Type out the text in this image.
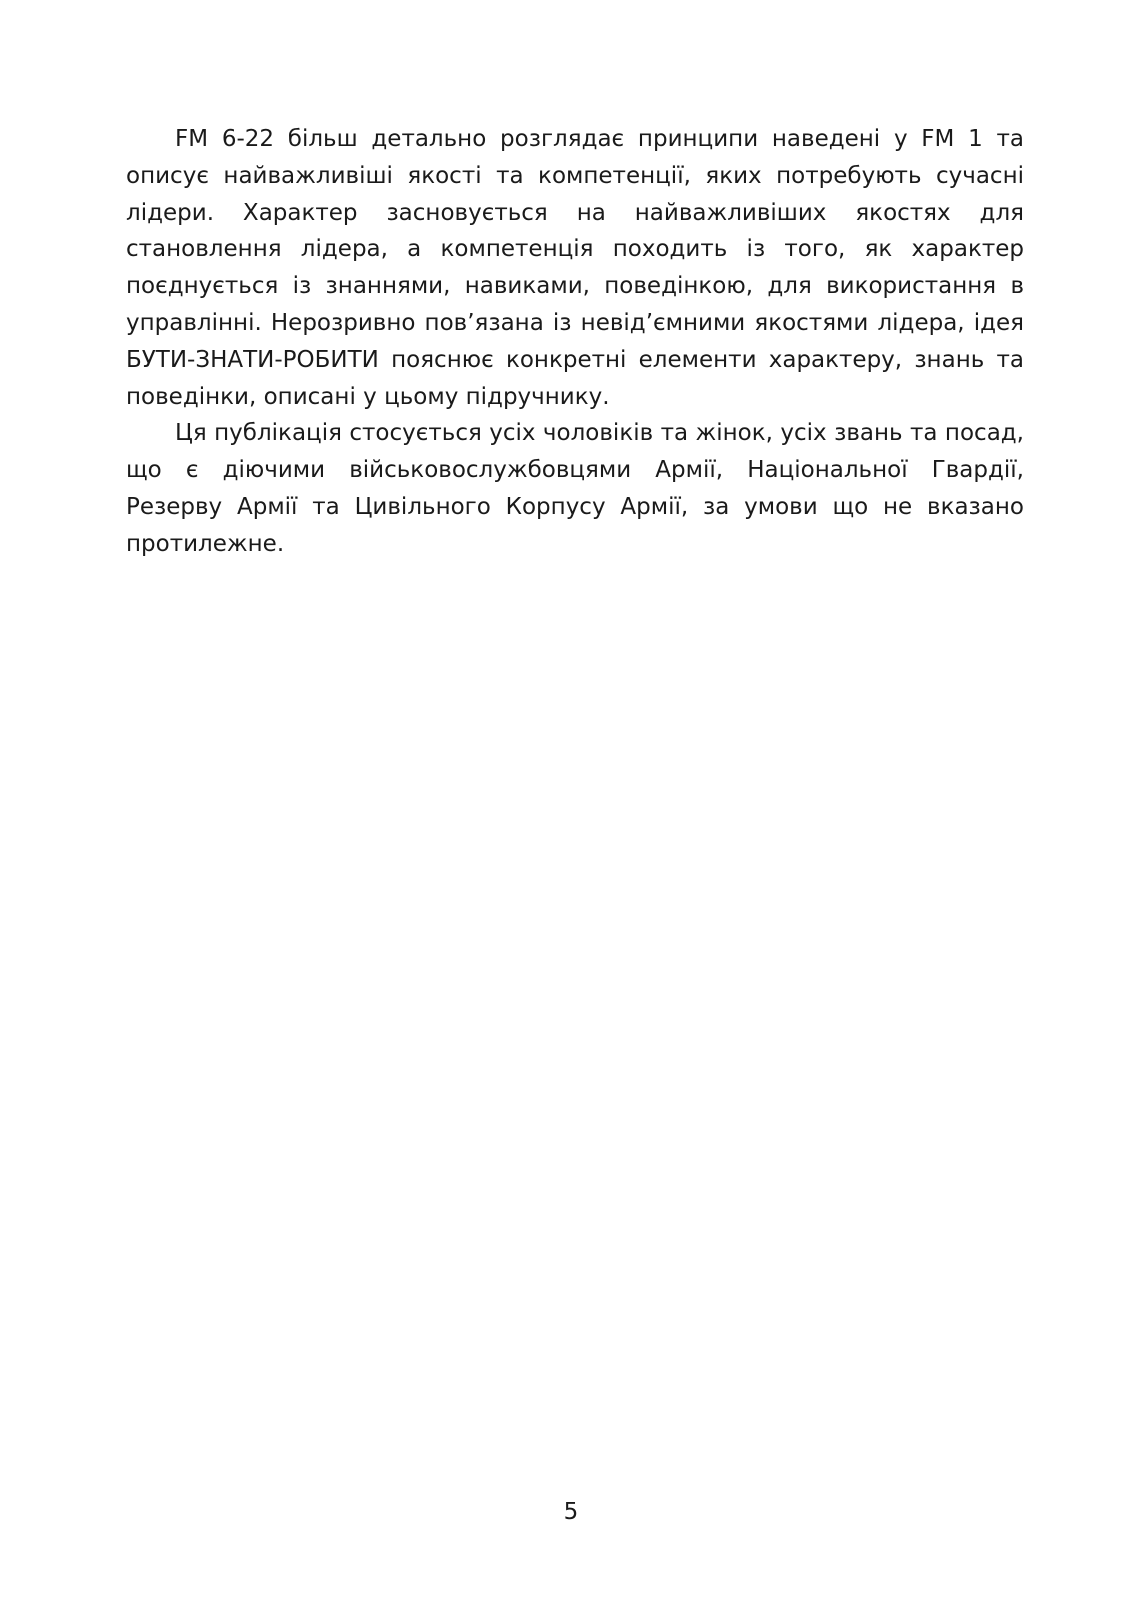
FM 6-22 більш детально розглядає принципи наведені у FM 1 та описує найважливіші якості та компетенції, яких потребують сучасні лідери. Характер засновується на найважливіших якостях для становлення лідера, а компетенція походить із того, як характер поєднується із знаннями, навиками, поведінкою, для використання в управлінні. Нерозривно пов’язана із невід’ємними якостями лідера, ідея БУТИ-ЗНАТИ-РОБИТИ пояснює конкретні елементи характеру, знань та поведінки, описані у цьому підручнику.

Ця публікація стосується усіх чоловіків та жінок, усіх звань та посад, що є діючими військовослужбовцями Армії, Національної Гвардії, Резерву Армії та Цивільного Корпусу Армії, за умови що не вказано протилежне.

5
